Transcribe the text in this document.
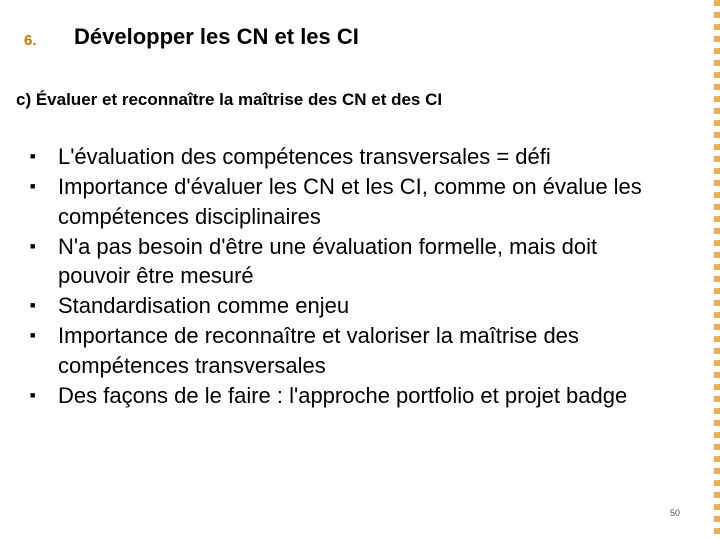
6. Développer les CN et les CI
c) Évaluer et reconnaître la maîtrise des CN et des CI
■	L'évaluation des compétences transversales = défi
■	Importance d'évaluer les CN et les CI, comme on évalue les compétences disciplinaires
■	N'a pas besoin d'être une évaluation formelle, mais doit pouvoir être mesuré
■	Standardisation comme enjeu
■	Importance de reconnaître et valoriser la maîtrise des compétences transversales
■	Des façons de le faire : l'approche portfolio et projet badge
50
